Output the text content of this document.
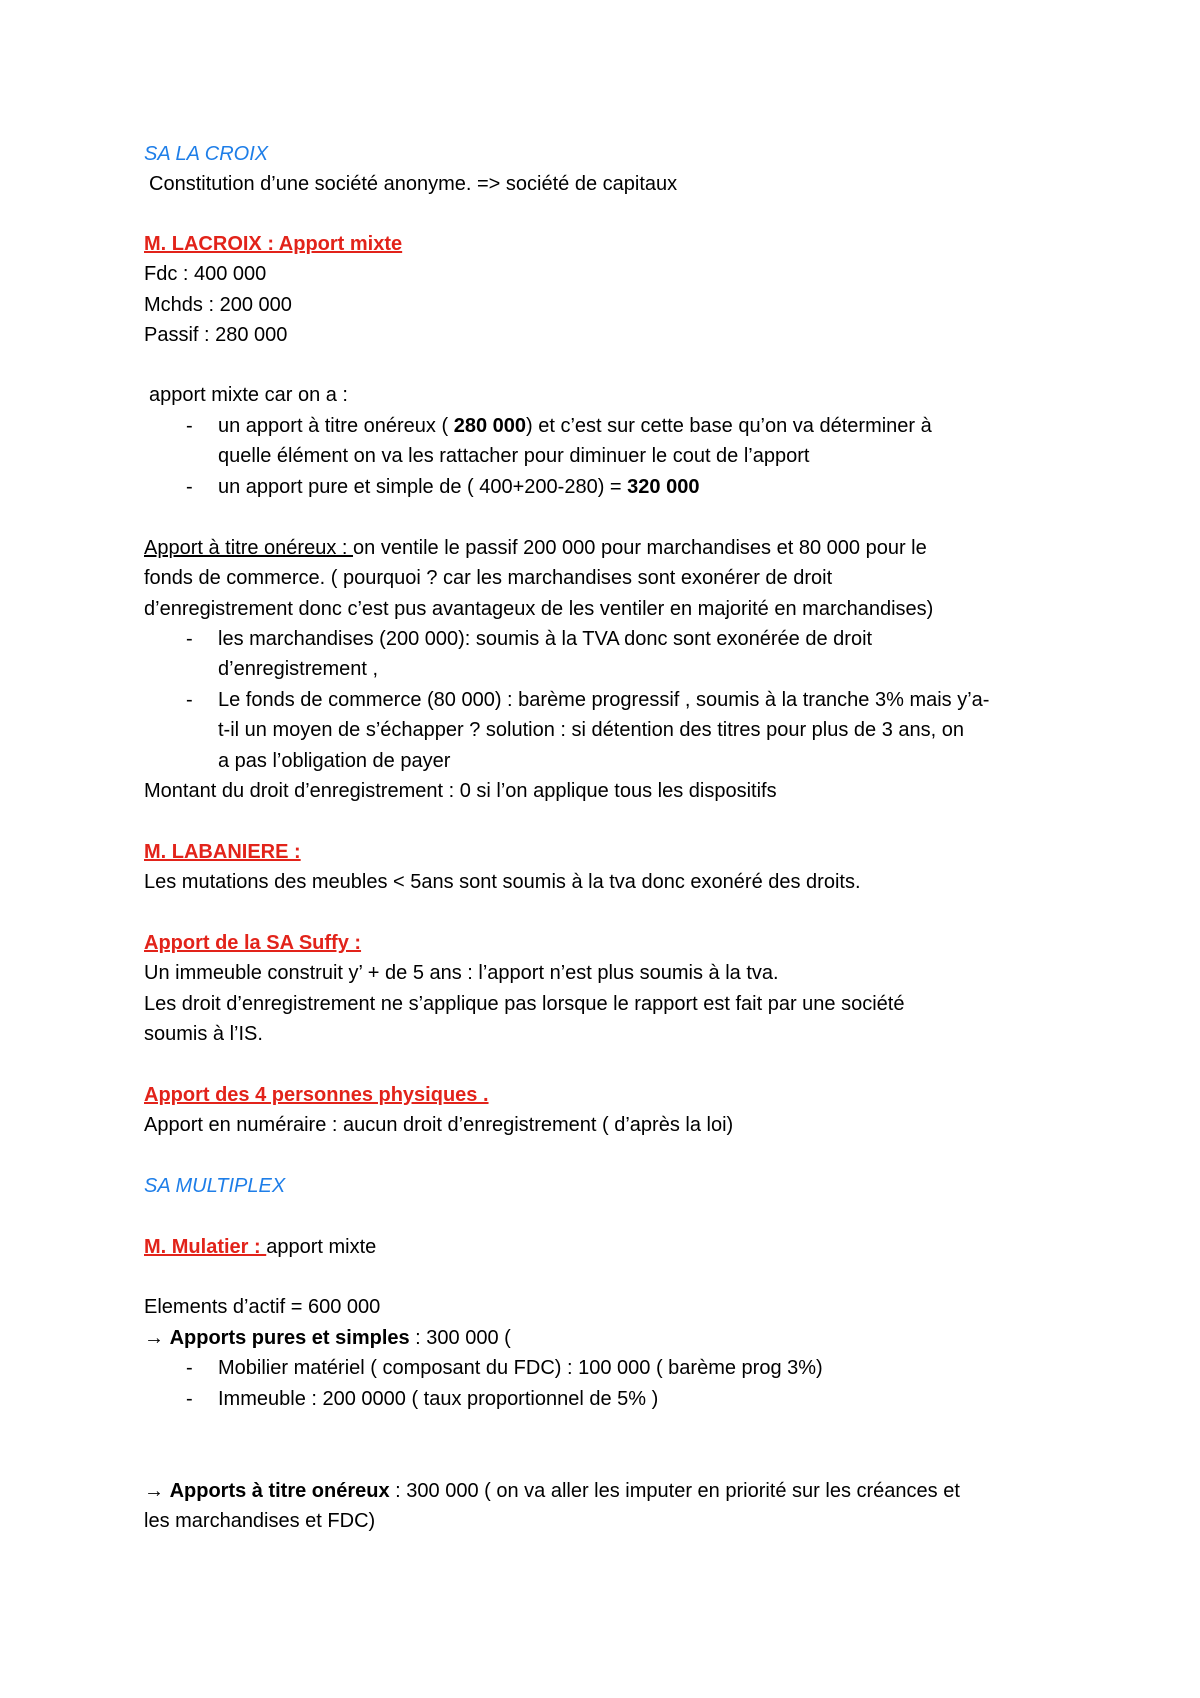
SA LA CROIX
Constitution d’une société anonyme. => société de capitaux
M. LACROIX : Apport mixte
Fdc : 400 000
Mchds : 200 000
Passif : 280 000
apport mixte car on a :
- un apport à titre onéreux ( 280 000) et c’est sur cette base qu’on va déterminer à
quelle élément on va les rattacher pour diminuer le cout de l’apport
- un apport pure et simple de ( 400+200-280) = 320 000
Apport à titre onéreux : on ventile le passif 200 000 pour marchandises et 80 000 pour le
fonds de commerce. ( pourquoi ? car les marchandises sont exonérer de droit
d’enregistrement donc c’est pus avantageux de les ventiler en majorité en marchandises)
- les marchandises (200 000): soumis à la TVA donc sont exonérée de droit
d’enregistrement ,
- Le fonds de commerce (80 000) : barème progressif , soumis à la tranche 3% mais y’a-
t-il un moyen de s’échapper ? solution : si détention des titres pour plus de 3 ans, on
a pas l’obligation de payer
Montant du droit d’enregistrement : 0 si l’on applique tous les dispositifs
M. LABANIERE :
Les mutations des meubles < 5ans sont soumis à la tva donc exonéré des droits.
Apport de la SA Suffy :
Un immeuble construit y’ + de 5 ans : l’apport n’est plus soumis à la tva.
Les droit d’enregistrement ne s’applique pas lorsque le rapport est fait par une société
soumis à l’IS.
Apport des 4 personnes physiques .
Apport en numéraire : aucun droit d’enregistrement ( d’après la loi)
SA MULTIPLEX
M. Mulatier : apport mixte
Elements d’actif = 600 000
→ Apports pures et simples : 300 000 (
- Mobilier matériel ( composant du FDC) : 100 000 ( barème prog 3%)
- Immeuble : 200 0000 ( taux proportionnel de 5% )
→ Apports à titre onéreux : 300 000 ( on va aller les imputer en priorité sur les créances et
les marchandises et FDC)
